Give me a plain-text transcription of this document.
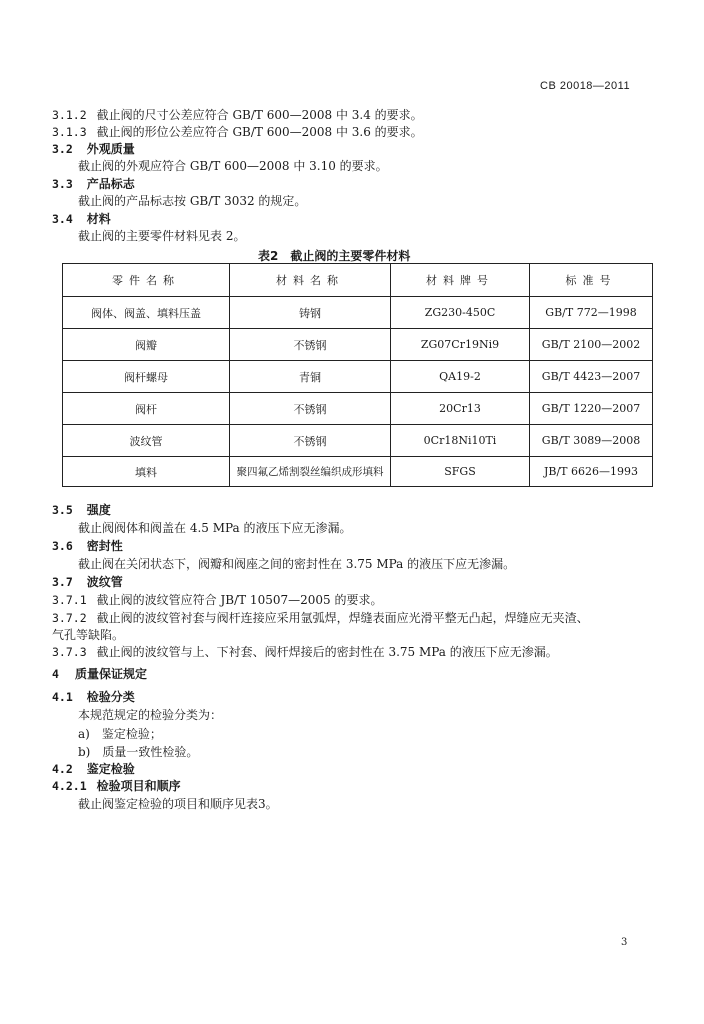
CB 20018—2011
3.1.2 截止阀的尺寸公差应符合 GB/T 600—2008 中 3.4 的要求。
3.1.3 截止阀的形位公差应符合 GB/T 600—2008 中 3.6 的要求。
3.2 外观质量
截止阀的外观应符合 GB/T 600—2008 中 3.10 的要求。
3.3 产品标志
截止阀的产品标志按 GB/T 3032 的规定。
3.4 材料
截止阀的主要零件材料见表 2。
表2　截止阀的主要零件材料
零件名称	材料名称	材料牌号	标准号
阀体、阀盖、填料压盖	铸钢	ZG230-450C	GB/T 772—1998
阀瓣	不锈钢	ZG07Cr19Ni9	GB/T 2100—2002
阀杆螺母	青铜	QA19-2	GB/T 4423—2007
阀杆	不锈钢	20Cr13	GB/T 1220—2007
波纹管	不锈钢	0Cr18Ni10Ti	GB/T 3089—2008
填料	聚四氟乙烯割裂丝编织成形填料	SFGS	JB/T 6626—1993
3.5 强度
截止阀阀体和阀盖在 4.5 MPa 的液压下应无渗漏。
3.6 密封性
截止阀在关闭状态下，阀瓣和阀座之间的密封性在 3.75 MPa 的液压下应无渗漏。
3.7 波纹管
3.7.1 截止阀的波纹管应符合 JB/T 10507—2005 的要求。
3.7.2 截止阀的波纹管衬套与阀杆连接应采用氩弧焊，焊缝表面应光滑平整无凸起，焊缝应无夹渣、
气孔等缺陷。
3.7.3 截止阀的波纹管与上、下衬套、阀杆焊接后的密封性在 3.75 MPa 的液压下应无渗漏。
4 质量保证规定
4.1 检验分类
本规范规定的检验分类为：
a)　鉴定检验；
b)　质量一致性检验。
4.2 鉴定检验
4.2.1 检验项目和顺序
截止阀鉴定检验的项目和顺序见表3。
3
